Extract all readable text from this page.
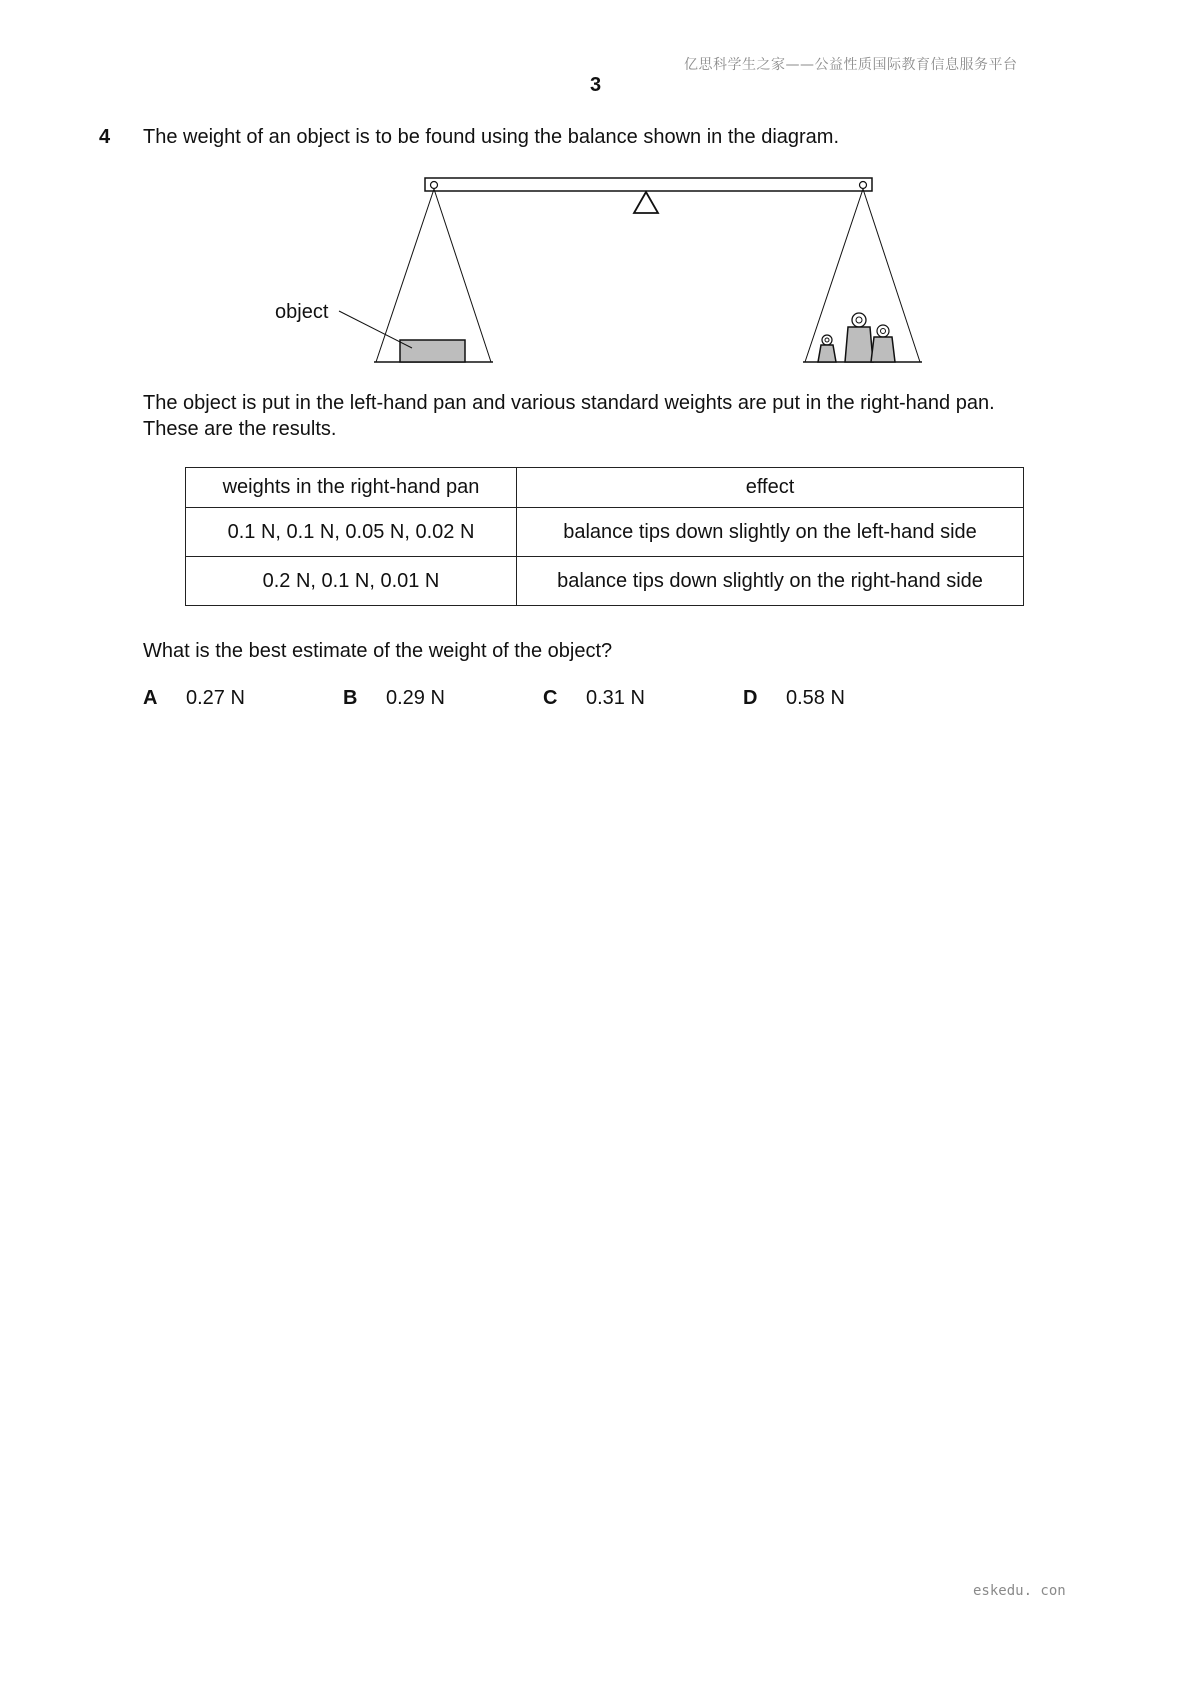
亿思科学生之家——公益性质国际教育信息服务平台
3
4 The weight of an object is to be found using the balance shown in the diagram.
object
The object is put in the left-hand pan and various standard weights are put in the right-hand pan.
These are the results.
weights in the right-hand pan	effect
0.1 N, 0.1 N, 0.05 N, 0.02 N	balance tips down slightly on the left-hand side
0.2 N, 0.1 N, 0.01 N	balance tips down slightly on the right-hand side
What is the best estimate of the weight of the object?
A 0.27 N	B 0.29 N	C 0.31 N	D 0.58 N
eskedu. con
